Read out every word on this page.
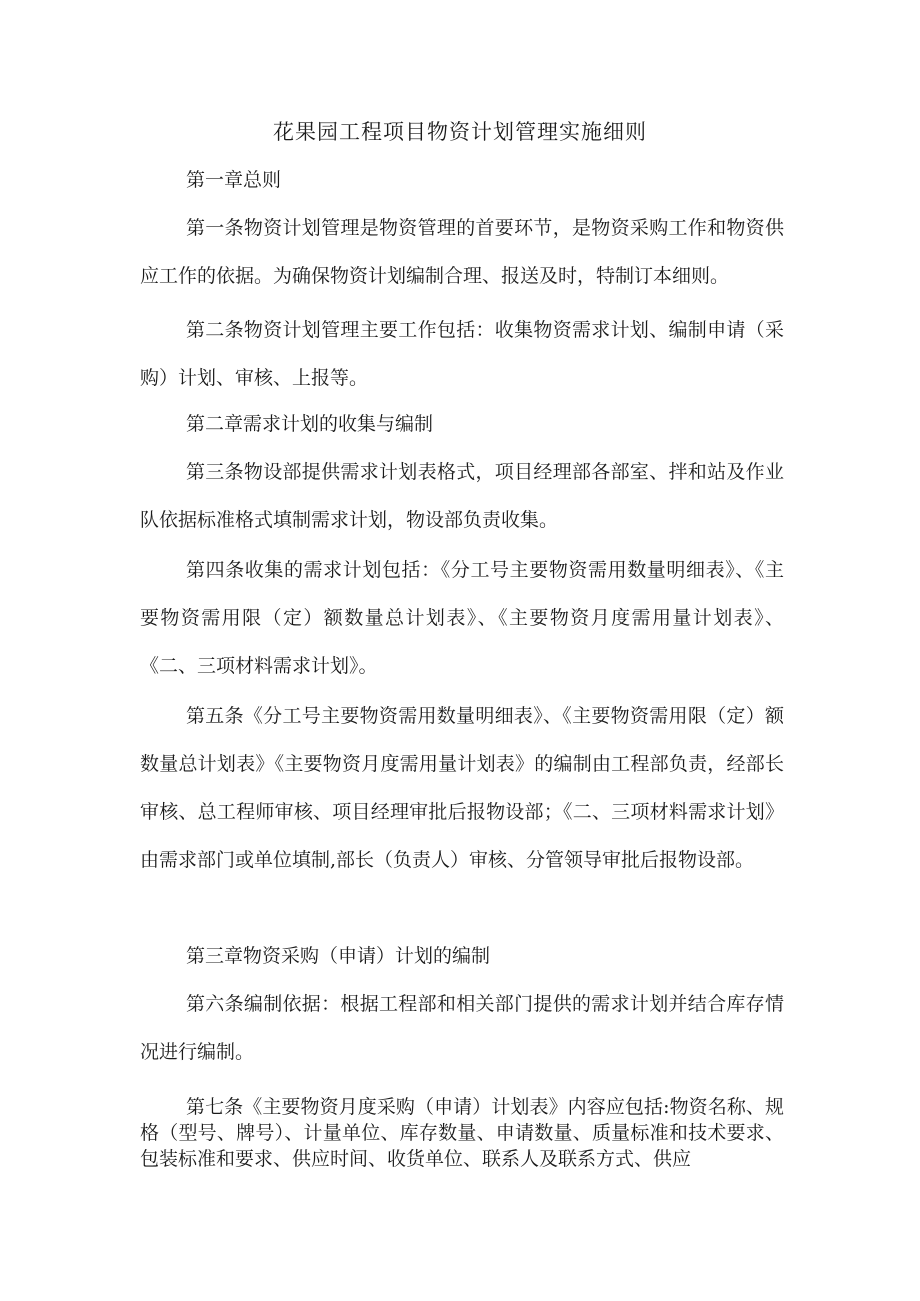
花果园工程项目物资计划管理实施细则

第一章总则

第一条物资计划管理是物资管理的首要环节，是物资采购工作和物资供应工作的依据。为确保物资计划编制合理、报送及时，特制订本细则。

第二条物资计划管理主要工作包括：收集物资需求计划、编制申请（采购）计划、审核、上报等。

第二章需求计划的收集与编制

第三条物设部提供需求计划表格式，项目经理部各部室、拌和站及作业队依据标准格式填制需求计划，物设部负责收集。

第四条收集的需求计划包括：《分工号主要物资需用数量明细表》、《主要物资需用限（定）额数量总计划表》、《主要物资月度需用量计划表》、《二、三项材料需求计划》。

第五条《分工号主要物资需用数量明细表》、《主要物资需用限（定）额数量总计划表》《主要物资月度需用量计划表》的编制由工程部负责，经部长审核、总工程师审核、项目经理审批后报物设部；《二、三项材料需求计划》由需求部门或单位填制,部长（负责人）审核、分管领导审批后报物设部。

第三章物资采购（申请）计划的编制

第六条编制依据：根据工程部和相关部门提供的需求计划并结合库存情况进行编制。

第七条《主要物资月度采购（申请）计划表》内容应包括:物资名称、规格（型号、牌号）、计量单位、库存数量、申请数量、质量标准和技术要求、包装标准和要求、供应时间、收货单位、联系人及联系方式、供应
